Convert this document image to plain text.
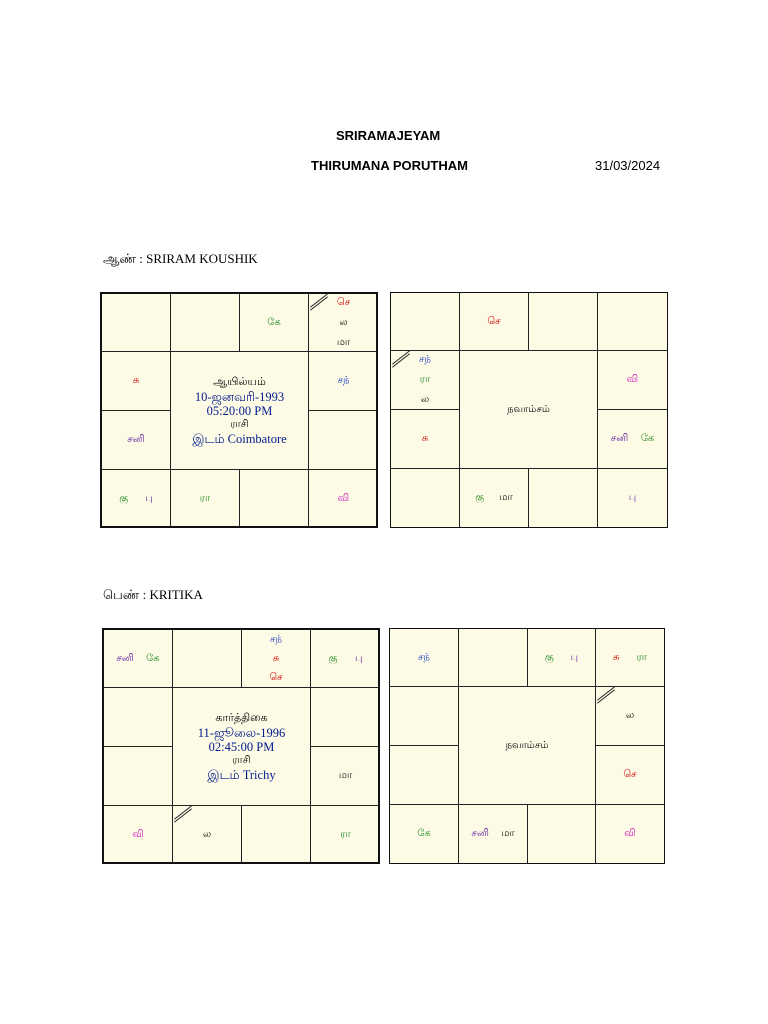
SRIRAMAJEYAM
THIRUMANA PORUTHAM	31/03/2024
ஆண் : SRIRAM KOUSHIK
ஆயில்யம்
10-ஜனவரி-1993
05:20:00 PM
ராசி
இடம் Coimbatore
கே
செ
ல
மா
சந்
வி
ரா
கு பு
சனி
சு
நவாம்சம்
செ
சந்
ரா
ல
வி
சனி கே
பு
கு மா
சு
பெண் : KRITIKA
கார்த்திகை
11-ஜூலை-1996
02:45:00 PM
ராசி
இடம் Trichy
சனி கே
சந்
சு
செ
கு பு
மா
ரா
ல
வி
நவாம்சம்
சந்	கு பு	சு ரா
ல
செ
வி
கே	சனி மா
